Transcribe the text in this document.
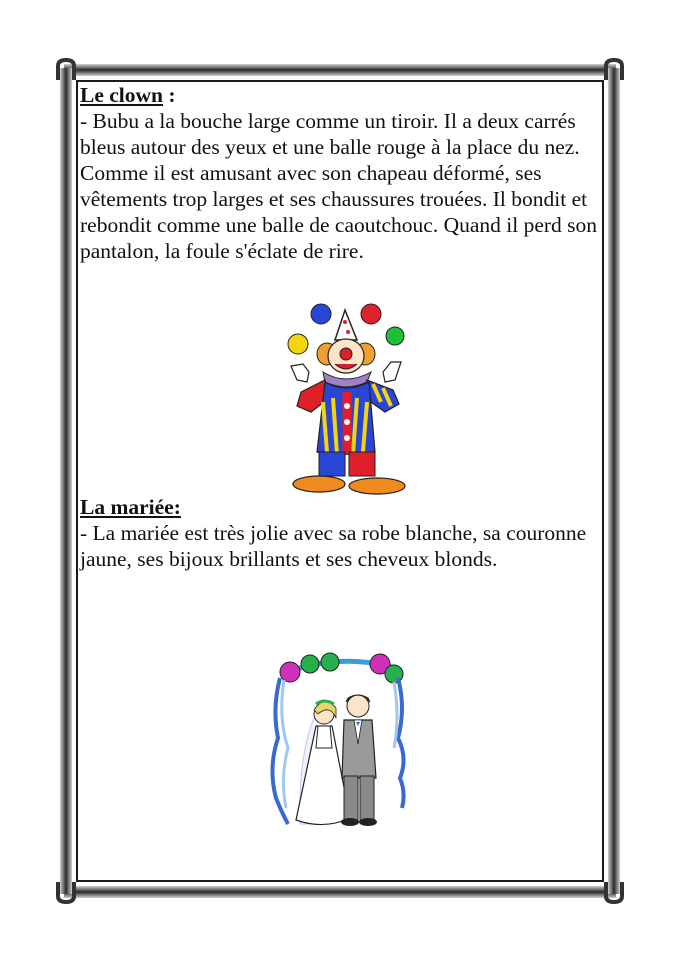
Le clown :

- Bubu a la bouche large comme un tiroir. Il a deux carrés bleus autour des yeux et une balle rouge à la place du nez. Comme il est amusant avec son chapeau déformé, ses vêtements trop larges et ses chaussures trouées. Il bondit et rebondit comme une balle de caoutchouc. Quand il perd son pantalon, la foule s'éclate de rire.

La mariée:

- La mariée est très jolie avec sa robe blanche, sa couronne jaune, ses bijoux brillants et ses cheveux blonds.
